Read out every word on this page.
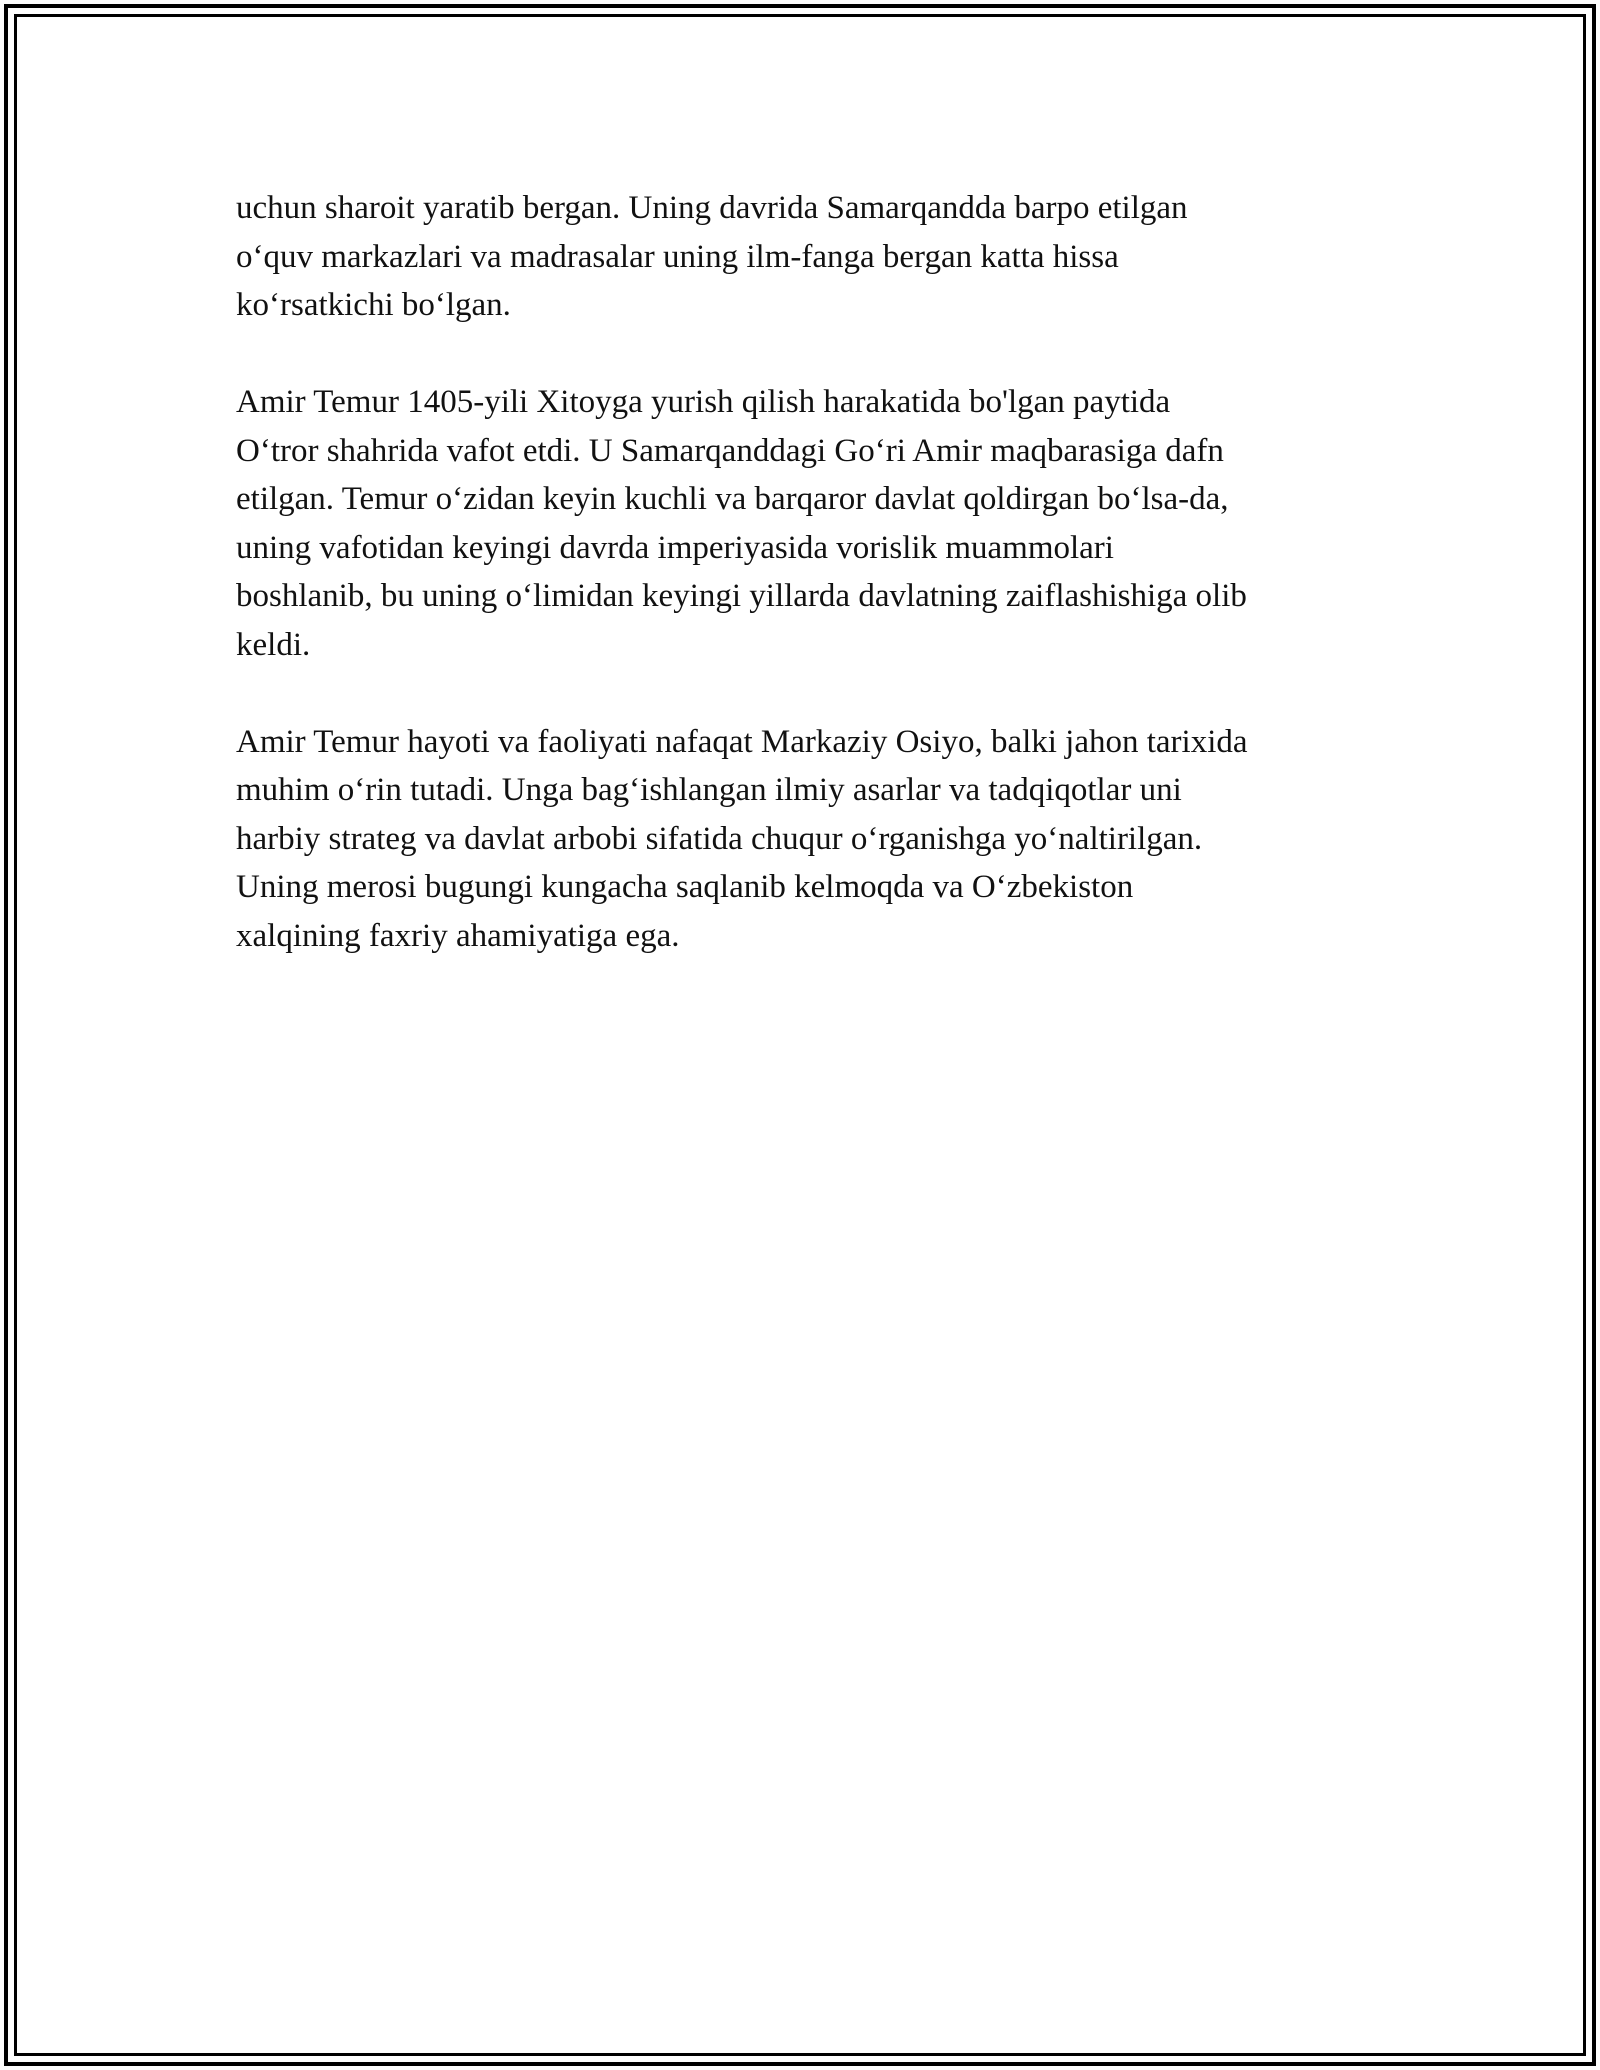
uchun sharoit yaratib bergan. Uning davrida Samarqandda barpo etilgan
o‘quv markazlari va madrasalar uning ilm-fanga bergan katta hissa
ko‘rsatkichi bo‘lgan.

Amir Temur 1405-yili Xitoyga yurish qilish harakatida bo'lgan paytida
O‘tror shahrida vafot etdi. U Samarqanddagi Go‘ri Amir maqbarasiga dafn
etilgan. Temur o‘zidan keyin kuchli va barqaror davlat qoldirgan bo‘lsa-da,
uning vafotidan keyingi davrda imperiyasida vorislik muammolari
boshlanib, bu uning o‘limidan keyingi yillarda davlatning zaiflashishiga olib
keldi.

Amir Temur hayoti va faoliyati nafaqat Markaziy Osiyo, balki jahon tarixida
muhim o‘rin tutadi. Unga bag‘ishlangan ilmiy asarlar va tadqiqotlar uni
harbiy strateg va davlat arbobi sifatida chuqur o‘rganishga yo‘naltirilgan.
Uning merosi bugungi kungacha saqlanib kelmoqda va O‘zbekiston
xalqining faxriy ahamiyatiga ega.
